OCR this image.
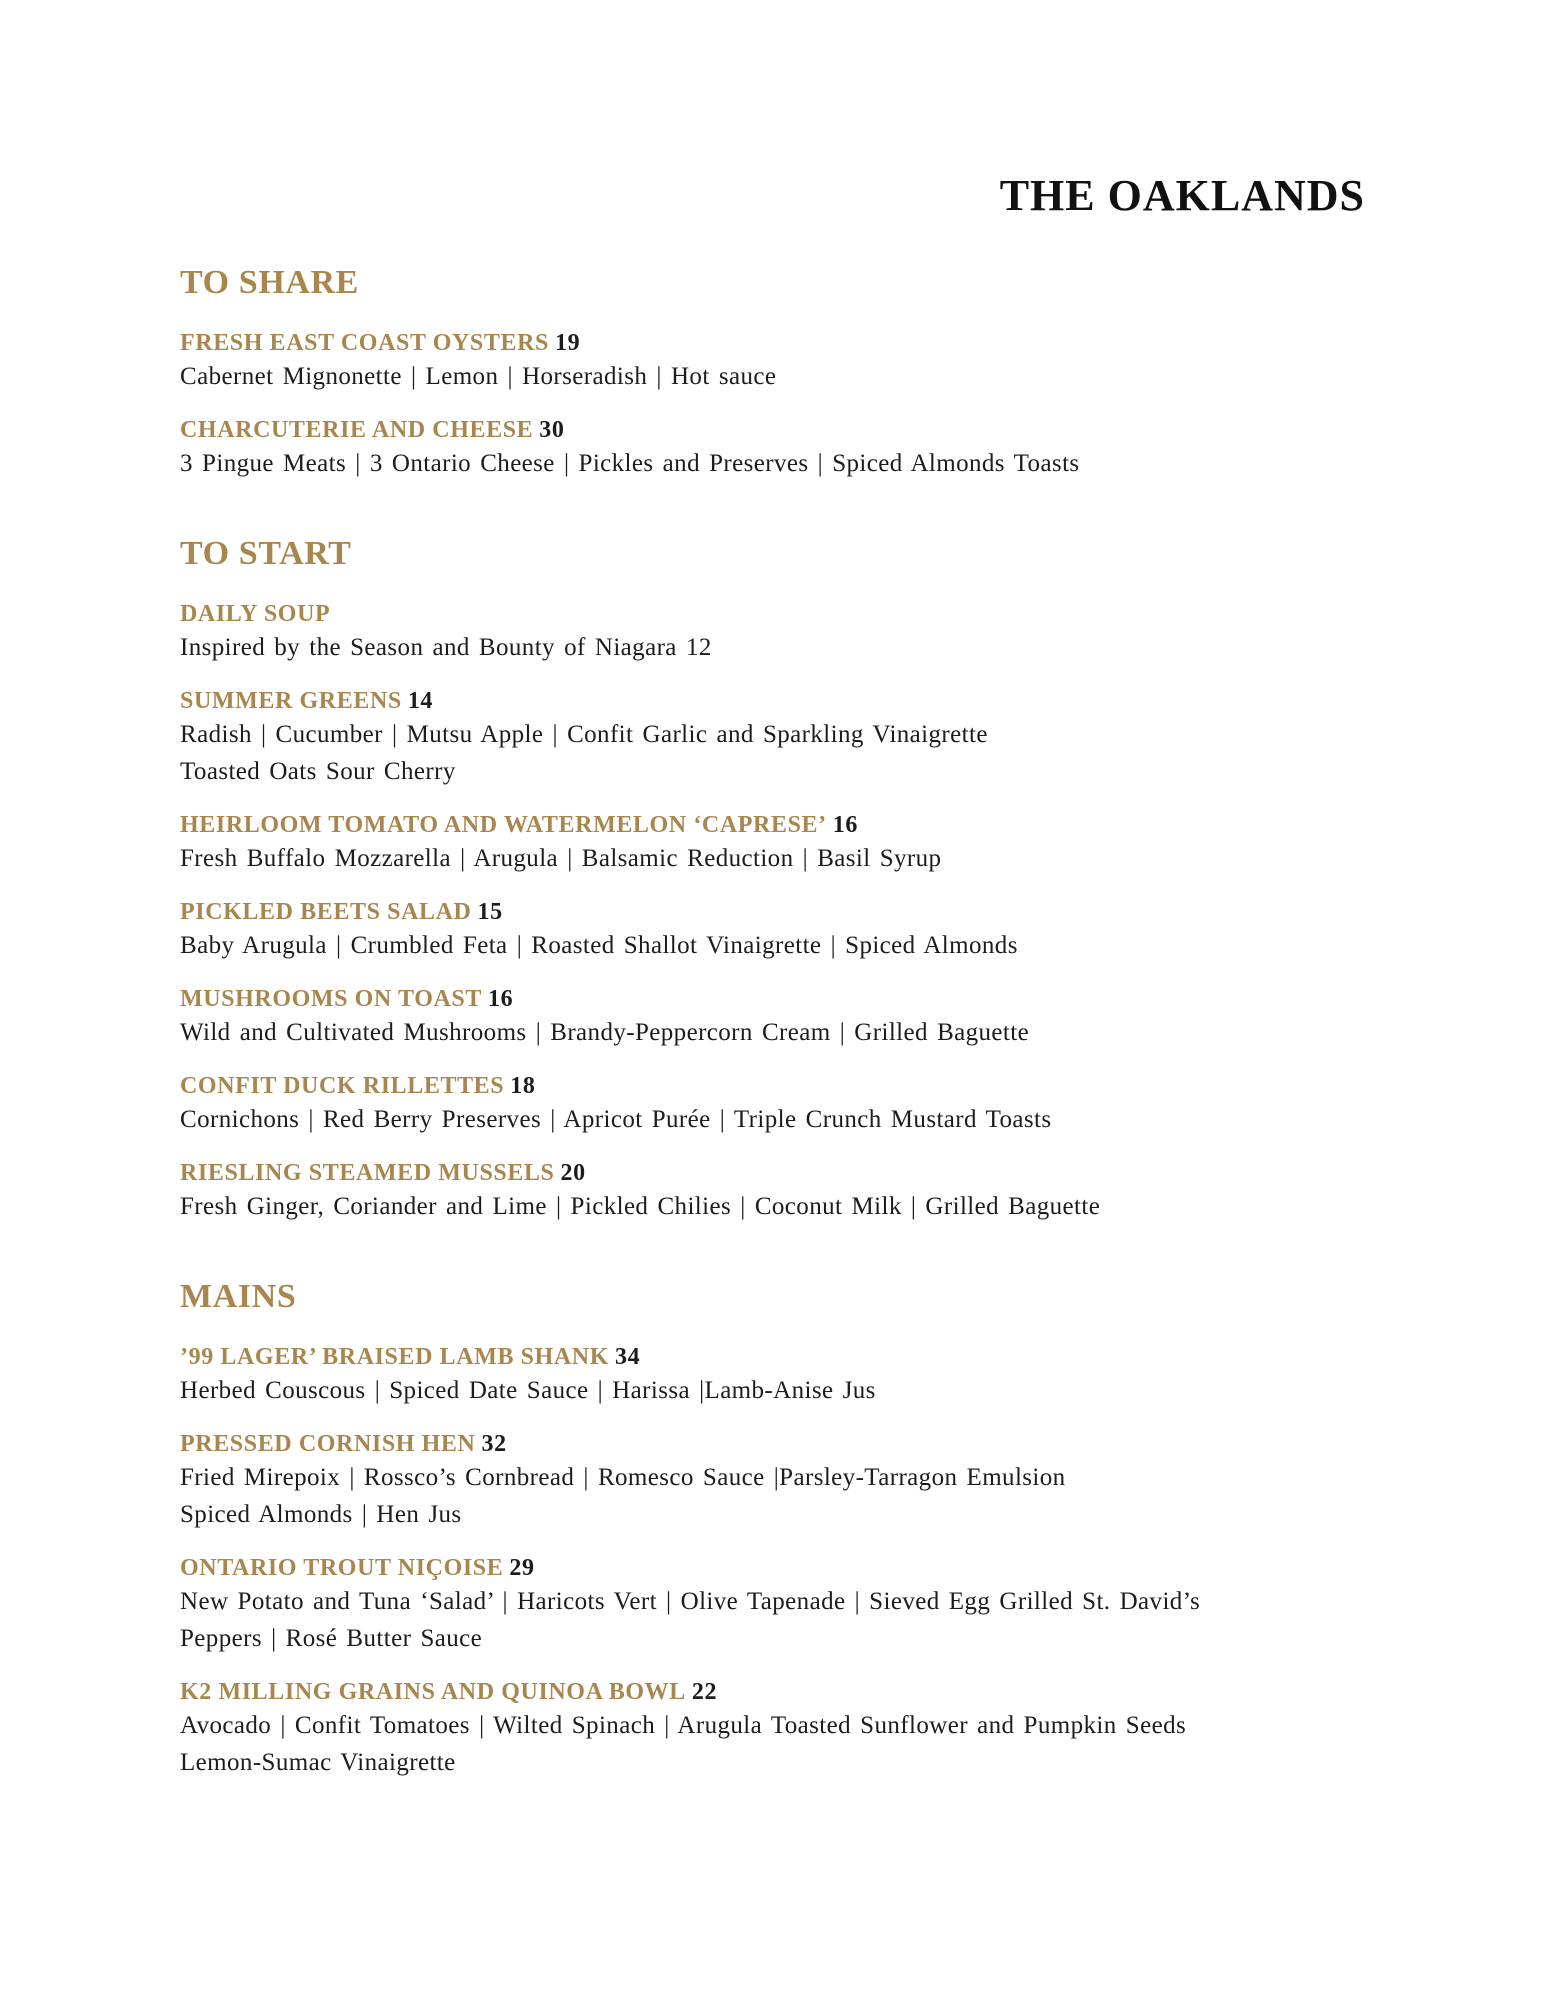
THE OAKLANDS
TO SHARE
FRESH EAST COAST OYSTERS 19
Cabernet Mignonette | Lemon | Horseradish | Hot sauce
CHARCUTERIE AND CHEESE 30
3 Pingue Meats | 3 Ontario Cheese | Pickles and Preserves | Spiced Almonds Toasts
TO START
DAILY SOUP
Inspired by the Season and Bounty of Niagara 12
SUMMER GREENS 14
Radish | Cucumber | Mutsu Apple | Confit Garlic and Sparkling Vinaigrette
Toasted Oats Sour Cherry
HEIRLOOM TOMATO AND WATERMELON ‘CAPRESE’ 16
Fresh Buffalo Mozzarella | Arugula | Balsamic Reduction | Basil Syrup
PICKLED BEETS SALAD 15
Baby Arugula | Crumbled Feta | Roasted Shallot Vinaigrette | Spiced Almonds
MUSHROOMS ON TOAST 16
Wild and Cultivated Mushrooms | Brandy-Peppercorn Cream | Grilled Baguette
CONFIT DUCK RILLETTES 18
Cornichons | Red Berry Preserves | Apricot Purée | Triple Crunch Mustard Toasts
RIESLING STEAMED MUSSELS 20
Fresh Ginger, Coriander and Lime | Pickled Chilies | Coconut Milk | Grilled Baguette
MAINS
’99 LAGER’ BRAISED LAMB SHANK 34
Herbed Couscous | Spiced Date Sauce | Harissa |Lamb-Anise Jus
PRESSED CORNISH HEN 32
Fried Mirepoix | Rossco’s Cornbread | Romesco Sauce |Parsley-Tarragon Emulsion
Spiced Almonds | Hen Jus
ONTARIO TROUT NIÇOISE 29
New Potato and Tuna ‘Salad’ | Haricots Vert | Olive Tapenade | Sieved Egg Grilled St. David’s
Peppers | Rosé Butter Sauce
K2 MILLING GRAINS AND QUINOA BOWL 22
Avocado | Confit Tomatoes | Wilted Spinach | Arugula Toasted Sunflower and Pumpkin Seeds
Lemon-Sumac Vinaigrette
